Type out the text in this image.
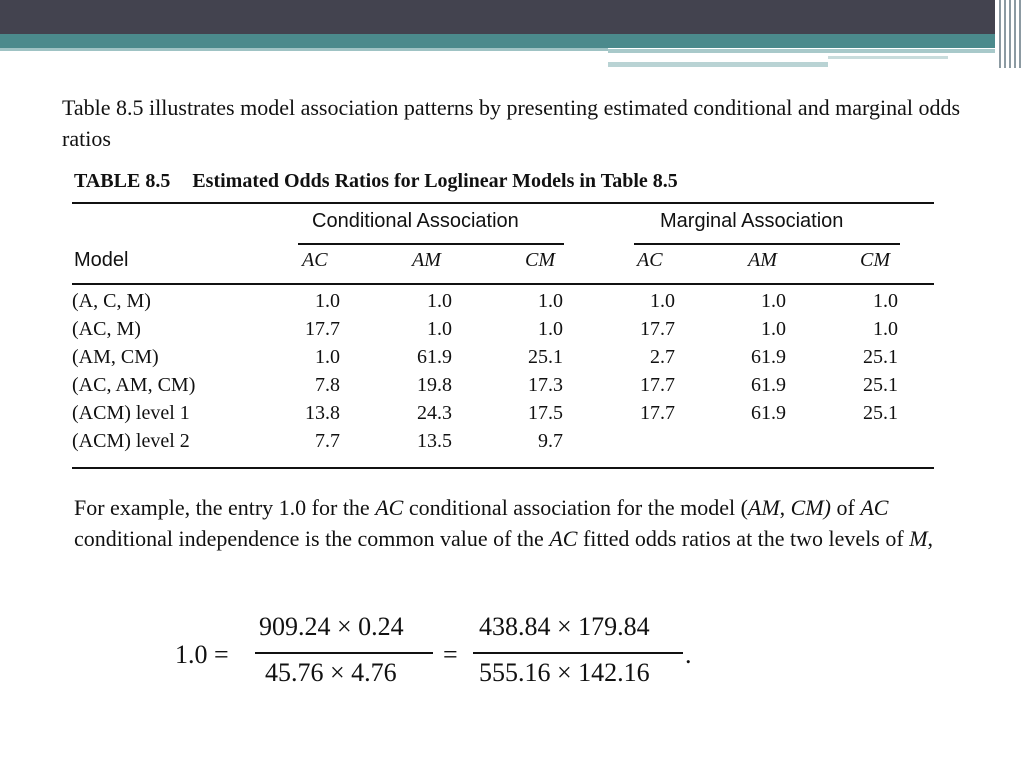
Table 8.5 illustrates model association patterns by presenting estimated conditional and marginal odds ratios
TABLE 8.5 Estimated Odds Ratios for Loglinear Models in Table 8.5
Conditional Association	Marginal Association
Model	AC	AM	CM	AC	AM	CM
(A, C, M)	1.0	1.0	1.0	1.0	1.0	1.0
(AC, M)	17.7	1.0	1.0	17.7	1.0	1.0
(AM, CM)	1.0	61.9	25.1	2.7	61.9	25.1
(AC, AM, CM)	7.8	19.8	17.3	17.7	61.9	25.1
(ACM) level 1	13.8	24.3	17.5	17.7	61.9	25.1
(ACM) level 2	7.7	13.5	9.7
For example, the entry 1.0 for the AC conditional association for the model (AM, CM) of AC conditional independence is the common value of the AC fitted odds ratios at the two levels of M,
1.0 =
909.24 × 0.24
45.76 × 4.76
=
438.84 × 179.84
555.16 × 142.16
.
